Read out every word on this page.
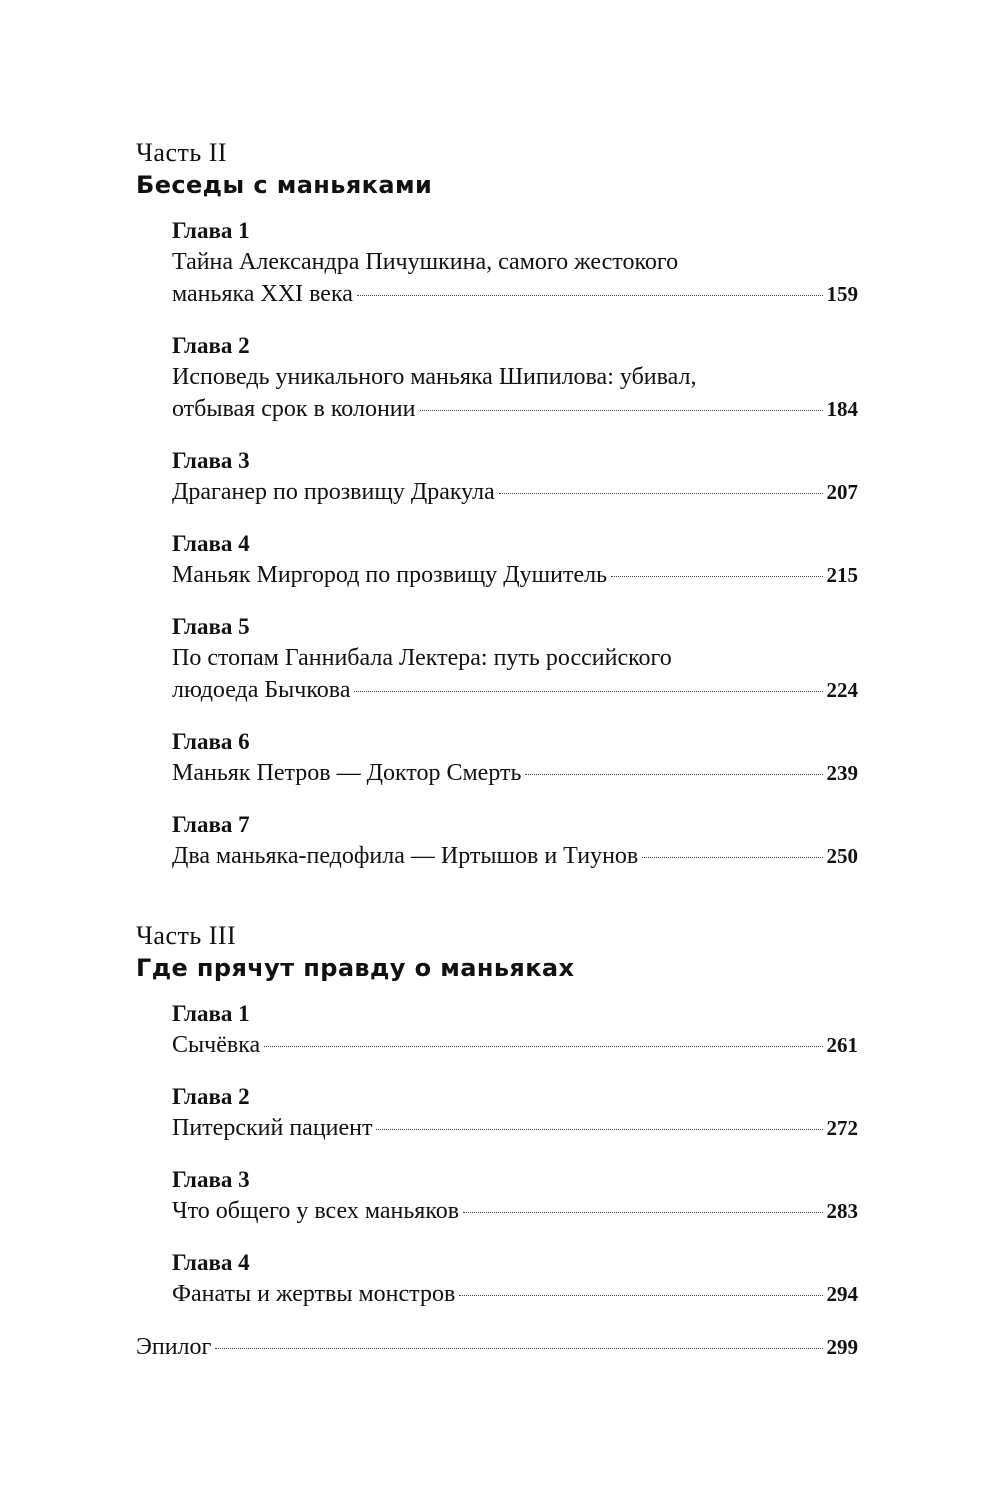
Часть II
Беседы с маньяками
Глава 1
Тайна Александра Пичушкина, самого жестокого
маньяка XXI века	159
Глава 2
Исповедь уникального маньяка Шипилова: убивал,
отбывая срок в колонии	184
Глава 3
Драганер по прозвищу Дракула	207
Глава 4
Маньяк Миргород по прозвищу Душитель	215
Глава 5
По стопам Ганнибала Лектера: путь российского
людоеда Бычкова	224
Глава 6
Маньяк Петров — Доктор Смерть	239
Глава 7
Два маньяка-педофила — Иртышов и Тиунов	250
Часть III
Где прячут правду о маньяках
Глава 1
Сычёвка	261
Глава 2
Питерский пациент	272
Глава 3
Что общего у всех маньяков	283
Глава 4
Фанаты и жертвы монстров	294
Эпилог	299
